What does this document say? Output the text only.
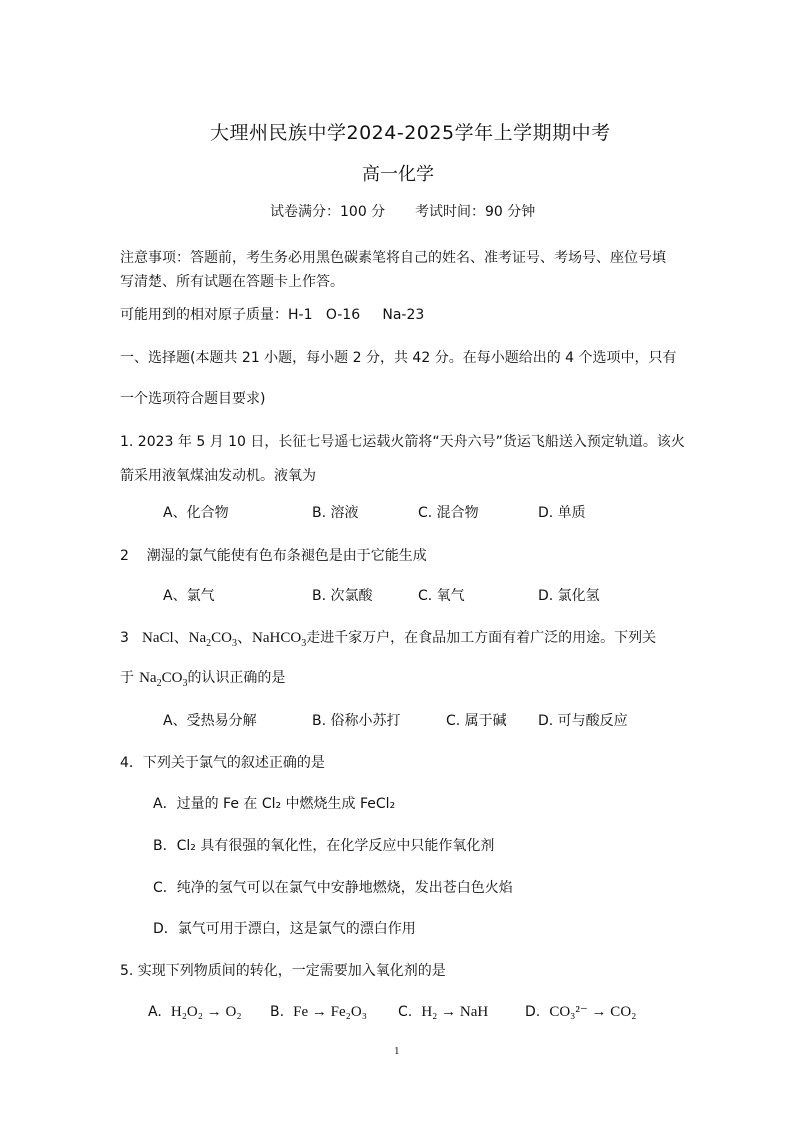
大理州民族中学2024-2025学年上学期期中考
高一化学
试卷满分：100 分 考试时间：90 分钟
注意事项：答题前，考生务必用黑色碳素笔将自己的姓名、准考证号、考场号、座位号填
写清楚、所有试题在答题卡上作答。
可能用到的相对原子质量：H-1   O-16     Na-23
一、选择题(本题共 21 小题，每小题 2 分，共 42 分。在每小题给出的 4 个选项中，只有
一个选项符合题目要求)
1. 2023 年 5 月 10 日，长征七号遥七运载火箭将“天舟六号”货运飞船送入预定轨道。该火
箭采用液氧煤油发动机。液氧为
A、化合物	B. 溶液	C. 混合物	D. 单质
2    潮湿的氯气能使有色布条褪色是由于它能生成
A、氯气	B. 次氯酸	C. 氧气	D. 氯化氢
3 NaCl、$Na_2CO_3$、NaHCO$_3$走进千家万户，在食品加工方面有着广泛的用途。下列关
于 $Na_2CO_3$的认识正确的是
A、受热易分解	B. 俗称小苏打	C. 属于碱 D. 可与酸反应
4．下列关于氯气的叙述正确的是
A．过量的 Fe 在 Cl₂ 中燃烧生成 FeCl₂
B．Cl₂ 具有很强的氧化性，在化学反应中只能作氧化剂
C．纯净的氢气可以在氯气中安静地燃烧，发出苍白色火焰
D．氯气可用于漂白，这是氯气的漂白作用
5. 实现下列物质间的转化，一定需要加入氧化剂的是
A. H₂O₂ → O₂ B. Fe → Fe₂O₃ C. H₂ → NaH	D. CO₃²⁻ → CO₂
1
